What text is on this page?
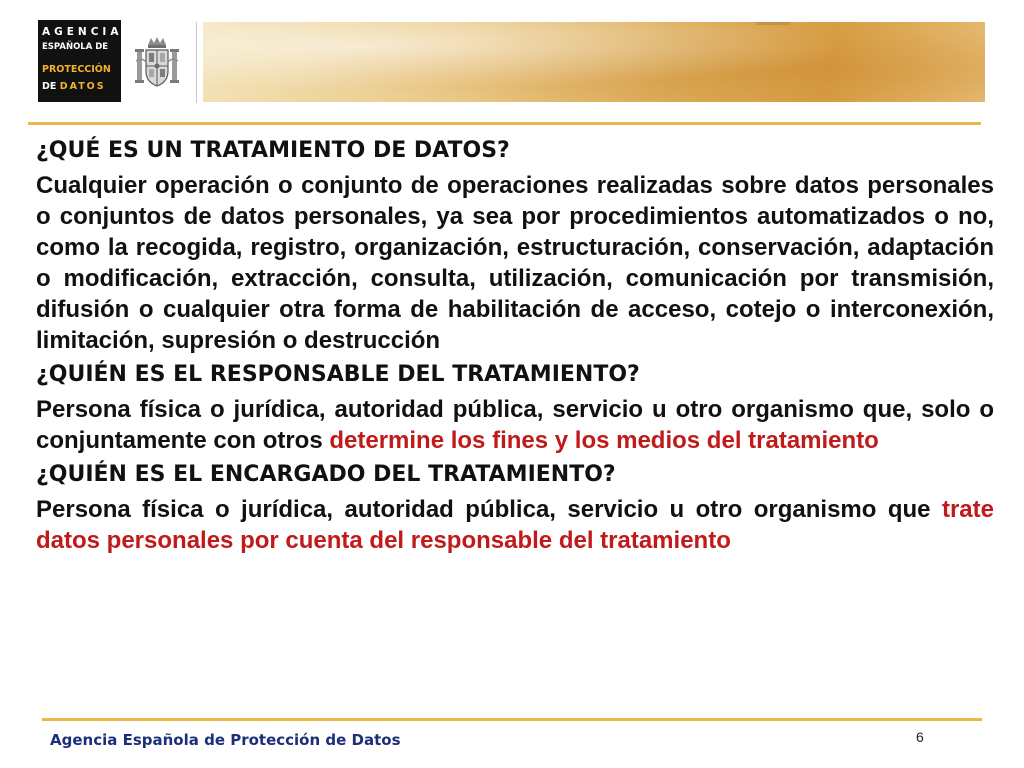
AGENCIA
ESPAÑOLA DE
PROTECCIÓN
DE DATOS

¿QUÉ ES UN TRATAMIENTO DE DATOS?

Cualquier operación o conjunto de operaciones realizadas sobre datos personales o conjuntos de datos personales, ya sea por procedimientos automatizados o no, como la recogida, registro, organización, estructuración, conservación, adaptación o modificación, extracción, consulta, utilización, comunicación por transmisión, difusión o cualquier otra forma de habilitación de acceso, cotejo o interconexión, limitación, supresión o destrucción

¿QUIÉN ES EL RESPONSABLE DEL TRATAMIENTO?

Persona física o jurídica, autoridad pública, servicio u otro organismo que, solo o conjuntamente con otros determine los fines y los medios del tratamiento

¿QUIÉN ES EL ENCARGADO DEL TRATAMIENTO?

Persona física o jurídica, autoridad pública, servicio u otro organismo que trate datos personales por cuenta del responsable del tratamiento

Agencia Española de Protección de Datos	6
